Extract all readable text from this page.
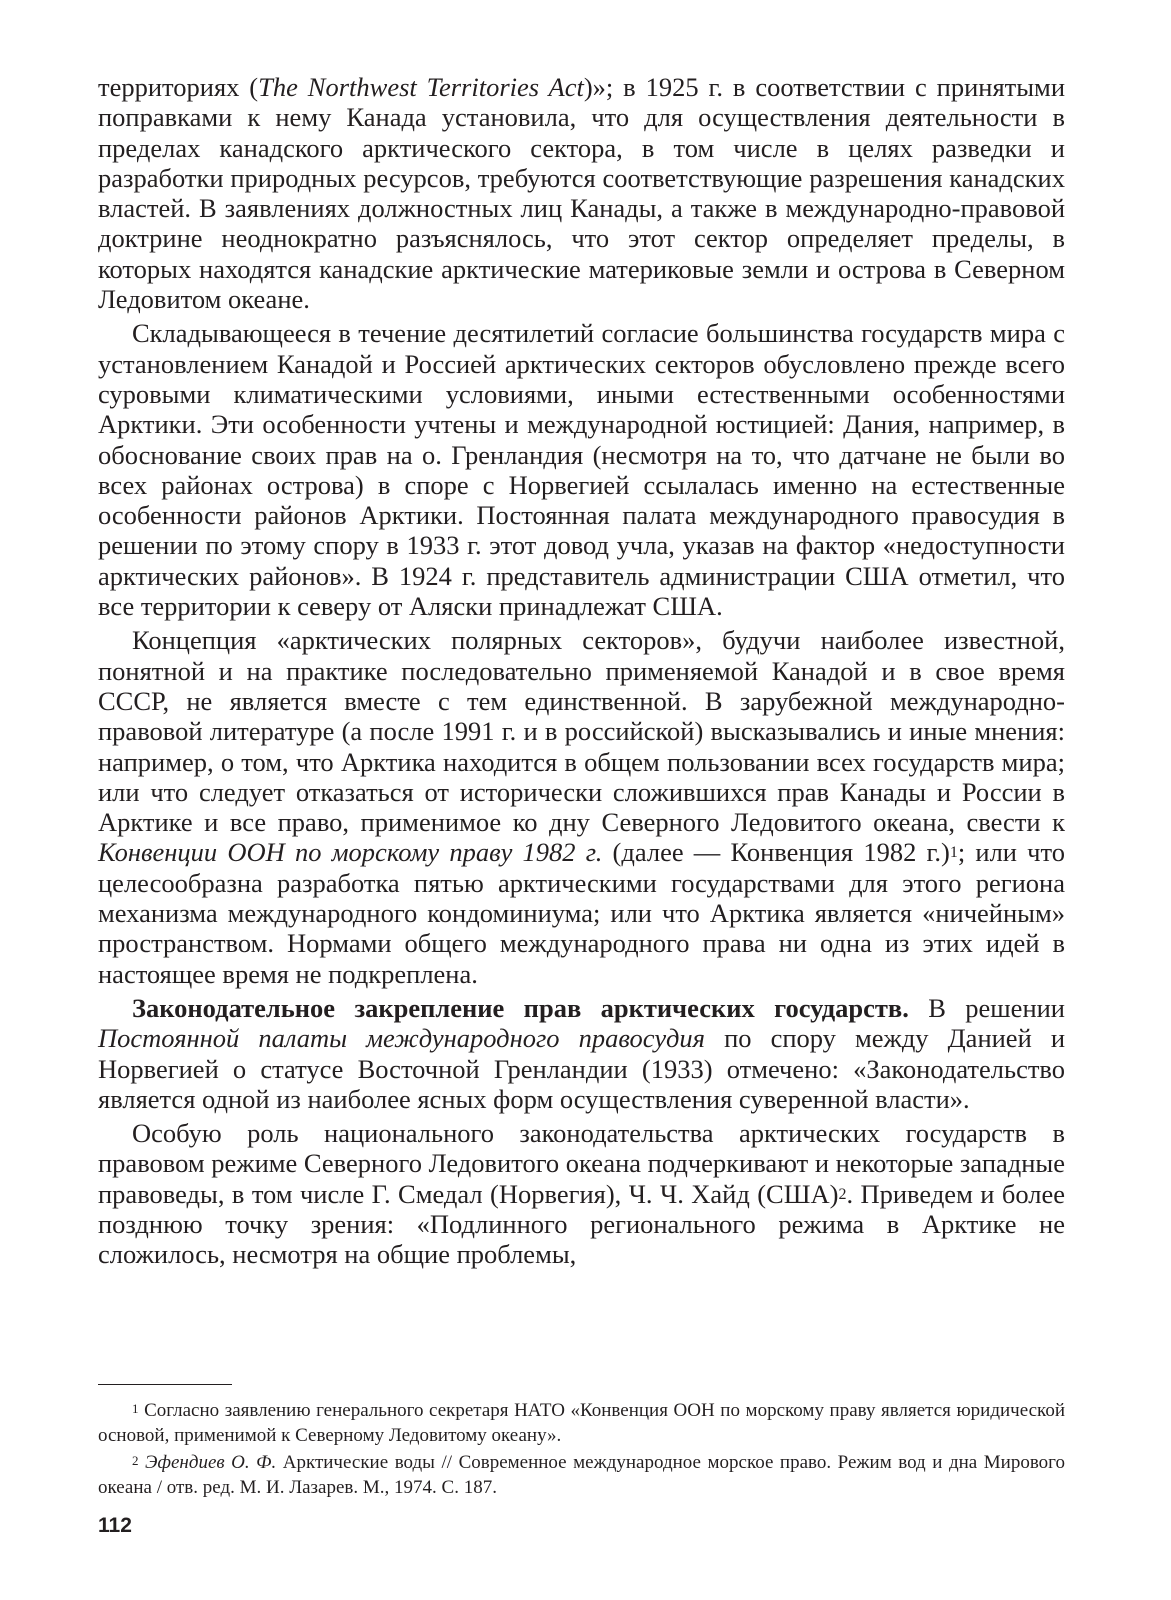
территориях (The Northwest Territories Act)»; в 1925 г. в соответствии с принятыми поправками к нему Канада установила, что для осуществления деятельности в пределах канадского арктического сектора, в том числе в целях разведки и разработки природных ресурсов, требуются соответствующие разрешения канадских властей. В заявлениях должностных лиц Канады, а также в международно-правовой доктрине неоднократно разъяснялось, что этот сектор определяет пределы, в которых находятся канадские арктические материковые земли и острова в Северном Ледовитом океане.

Складывающееся в течение десятилетий согласие большинства государств мира с установлением Канадой и Россией арктических секторов обусловлено прежде всего суровыми климатическими условиями, иными естественными особенностями Арктики. Эти особенности учтены и международной юстицией: Дания, например, в обоснование своих прав на о. Гренландия (несмотря на то, что датчане не были во всех районах острова) в споре с Норвегией ссылалась именно на естественные особенности районов Арктики. Постоянная палата международного правосудия в решении по этому спору в 1933 г. этот довод учла, указав на фактор «недоступности арктических районов». В 1924 г. представитель администрации США отметил, что все территории к северу от Аляски принадлежат США.

Концепция «арктических полярных секторов», будучи наиболее известной, понятной и на практике последовательно применяемой Канадой и в свое время СССР, не является вместе с тем единственной. В зарубежной международно-правовой литературе (а после 1991 г. и в российской) высказывались и иные мнения: например, о том, что Арктика находится в общем пользовании всех государств мира; или что следует отказаться от исторически сложившихся прав Канады и России в Арктике и все право, применимое ко дну Северного Ледовитого океана, свести к Конвенции ООН по морскому праву 1982 г. (далее — Конвенция 1982 г.)$^1$; или что целесообразна разработка пятью арктическими государствами для этого региона механизма международного кондоминиума; или что Арктика является «ничейным» пространством. Нормами общего международного права ни одна из этих идей в настоящее время не подкреплена.

Законодательное закрепление прав арктических государств. В решении Постоянной палаты международного правосудия по спору между Данией и Норвегией о статусе Восточной Гренландии (1933) отмечено: «Законодательство является одной из наиболее ясных форм осуществления суверенной власти».

Особую роль национального законодательства арктических государств в правовом режиме Северного Ледовитого океана подчеркивают и некоторые западные правоведы, в том числе Г. Смедал (Норвегия), Ч. Ч. Хайд (США)$^2$. Приведем и более позднюю точку зрения: «Подлинного регионального режима в Арктике не сложилось, несмотря на общие проблемы,

$^1$ Согласно заявлению генерального секретаря НАТО «Конвенция ООН по морскому праву является юридической основой, применимой к Северному Ледовитому океану».

$^2$ Эфендиев О. Ф. Арктические воды // Современное международное морское право. Режим вод и дна Мирового океана / отв. ред. М. И. Лазарев. М., 1974. С. 187.

112
